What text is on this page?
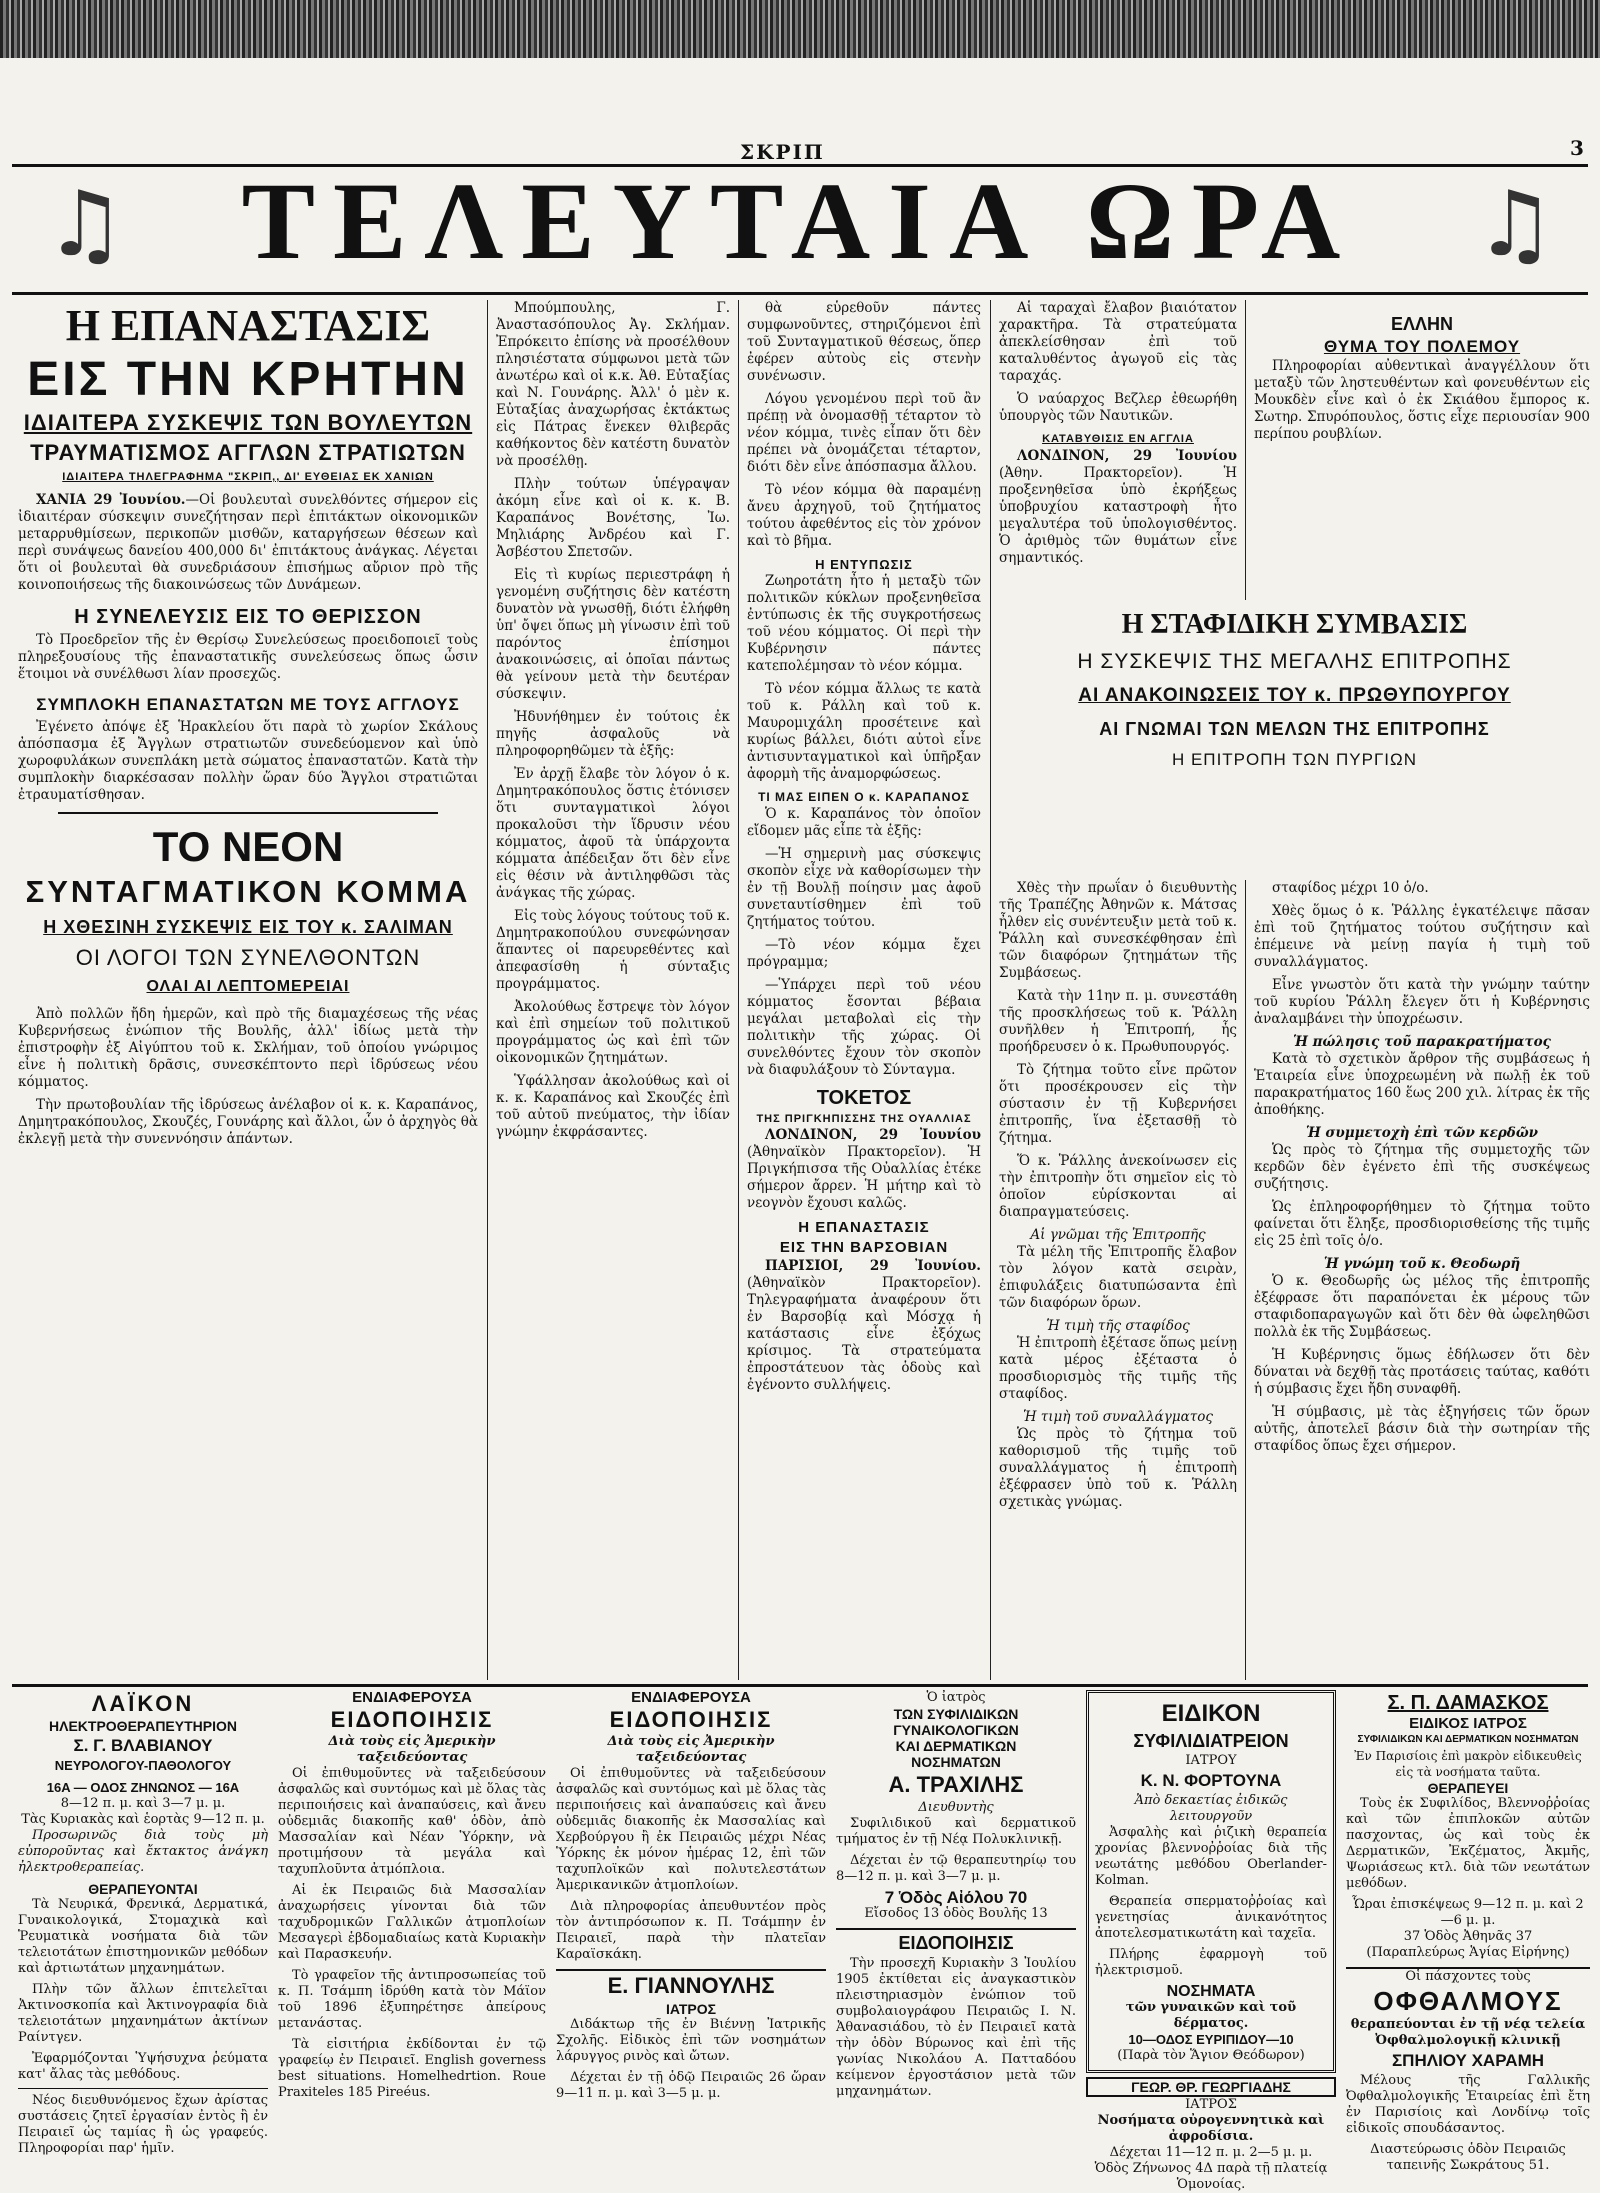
ΣΚΡΙΠ	3
♫	♫
ΤΕΛΕΥΤΑΙΑ ΩΡΑ
Η ΕΠΑΝΑΣΤΑΣΙΣ
ΕΙΣ ΤΗΝ ΚΡΗΤΗΝ
ΙΔΙΑΙΤΕΡΑ ΣΥΣΚΕΨΙΣ ΤΩΝ ΒΟΥΛΕΥΤΩΝ
ΤΡΑΥΜΑΤΙΣΜΟΣ ΑΓΓΛΩΝ ΣΤΡΑΤΙΩΤΩΝ
ΙΔΙΑΙΤΕΡΑ ΤΗΛΕΓΡΑΦΗΜΑ "ΣΚΡΙΠ,, ΔΙ' ΕΥΘΕΙΑΣ ΕΚ ΧΑΝΙΩΝ

ΧΑΝΙΑ 29 Ἰουνίου.—Οἱ βουλευταὶ συνελθόντες σήμερον εἰς ἰδιαιτέραν σύσκεψιν συνεζήτησαν περὶ ἐπιτάκτων οἰκονομικῶν μεταρρυθμίσεων, περικοπῶν μισθῶν, καταργήσεων θέσεων καὶ περὶ συνάψεως δανείου 400,000 δι' ἐπιτάκτους ἀνάγκας. Λέγεται ὅτι οἱ βουλευταὶ θὰ συνεδριάσουν ἐπισήμως αὔριον πρὸ τῆς κοινοποιήσεως τῆς διακοινώσεως τῶν Δυνάμεων.

Η ΣΥΝΕΛΕΥΣΙΣ ΕΙΣ ΤΟ ΘΕΡΙΣΣΟΝ

Τὸ Προεδρεῖον τῆς ἐν Θερίσῳ Συνελεύσεως προειδοποιεῖ τοὺς πληρεξουσίους τῆς ἐπαναστατικῆς συνελεύσεως ὅπως ὦσιν ἕτοιμοι νὰ συνέλθωσι λίαν προσεχῶς.

ΣΥΜΠΛΟΚΗ ΕΠΑΝΑΣΤΑΤΩΝ ΜΕ ΤΟΥΣ ΑΓΓΛΟΥΣ

Ἐγένετο ἀπόψε ἐξ Ἡρακλείου ὅτι παρὰ τὸ χωρίον Σκάλους ἀπόσπασμα ἐξ Ἄγγλων στρατιωτῶν συνεδεύομενον καὶ ὑπὸ χωροφυλάκων συνεπλάκη μετὰ σώματος ἐπαναστατῶν. Κατὰ τὴν συμπλοκὴν διαρκέσασαν πολλὴν ὥραν δύο Ἄγγλοι στρατιῶται ἐτραυματίσθησαν.

ΤΟ ΝΕΟΝ
ΣΥΝΤΑΓΜΑΤΙΚΟΝ ΚΟΜΜΑ
Η ΧΘΕΣΙΝΗ ΣΥΣΚΕΨΙΣ ΕΙΣ ΤΟΥ κ. ΣΑΛΙΜΑΝ
ΟΙ ΛΟΓΟΙ ΤΩΝ ΣΥΝΕΛΘΟΝΤΩΝ
ΟΛΑΙ ΑΙ ΛΕΠΤΟΜΕΡΕΙΑΙ

Ἀπὸ πολλῶν ἤδη ἡμερῶν, καὶ πρὸ τῆς διαμαχέσεως τῆς νέας Κυβερνήσεως ἐνώπιον τῆς Βουλῆς, ἀλλ' ἰδίως μετὰ τὴν ἐπιστροφὴν ἐξ Αἰγύπτου τοῦ κ. Σκλήμαν, τοῦ ὁποίου γνώριμος εἶνε ἡ πολιτικὴ δρᾶσις, συνεσκέπτοντο περὶ ἱδρύσεως νέου κόμματος.

Τὴν πρωτοβουλίαν τῆς ἰδρύσεως ἀνέλαβον οἱ κ. κ. Καραπάνος, Δημητρακόπουλος, Σκουζές, Γουνάρης καὶ ἄλλοι, ὧν ὁ ἀρχηγὸς θὰ ἐκλεγῇ μετὰ τὴν συνεννόησιν ἁπάντων.

Μπούμπουλης, Γ. Ἀναστασόπουλος Ἀγ. Σκλήμαν. Ἐπρόκειτο ἐπίσης νὰ προσέλθουν πλησιέστατα σύμφωνοι μετὰ τῶν ἀνωτέρω καὶ οἱ κ.κ. Ἀθ. Εὐταξίας καὶ Ν. Γουνάρης. Ἀλλ' ὁ μὲν κ. Εὐταξίας ἀναχωρήσας ἐκτάκτως εἰς Πάτρας ἕνεκεν θλιβερᾶς καθήκοντος δὲν κατέστη δυνατὸν νὰ προσέλθῃ.

Πλὴν τούτων ὑπέγραψαν ἀκόμη εἶνε καὶ οἱ κ. κ. Β. Καραπάνος Βονέτσης, Ἰω. Μηλιάρης Ἀνδρέου καὶ Γ. Ἀσβέστου Σπετσῶν.

Εἰς τὶ κυρίως περιεστράφη ἡ γενομένη συζήτησις δὲν κατέστη δυνατὸν νὰ γνωσθῇ, διότι ἐλήφθη ὑπ' ὄψει ὅπως μὴ γίνωσιν ἐπὶ τοῦ παρόντος ἐπίσημοι ἀνακοινώσεις, αἱ ὁποῖαι πάντως θὰ γείνουν μετὰ τὴν δευτέραν σύσκεψιν.

Ἠδυνήθημεν ἐν τούτοις ἐκ πηγῆς ἀσφαλοῦς νὰ πληροφορηθῶμεν τὰ ἑξῆς:

Ἐν ἀρχῇ ἔλαβε τὸν λόγον ὁ κ. Δημητρακόπουλος ὅστις ἐτόνισεν ὅτι συνταγματικοὶ λόγοι προκαλοῦσι τὴν ἵδρυσιν νέου κόμματος, ἀφοῦ τὰ ὑπάρχοντα κόμματα ἀπέδειξαν ὅτι δὲν εἶνε εἰς θέσιν νὰ ἀντιληφθῶσι τὰς ἀνάγκας τῆς χώρας.

Εἰς τοὺς λόγους τούτους τοῦ κ. Δημητρακοπούλου συνεφώνησαν ἅπαντες οἱ παρευρεθέντες καὶ ἀπεφασίσθη ἡ σύνταξις προγράμματος.

Ἀκολούθως ἔστρεψε τὸν λόγον καὶ ἐπὶ σημείων τοῦ πολιτικοῦ προγράμματος ὡς καὶ ἐπὶ τῶν οἰκονομικῶν ζητημάτων.

Ὑφάλλησαν ἀκολούθως καὶ οἱ κ. κ. Καραπάνος καὶ Σκουζές ἐπὶ τοῦ αὐτοῦ πνεύματος, τὴν ἰδίαν γνώμην ἐκφράσαντες.

θὰ εὑρεθοῦν πάντες συμφωνοῦντες, στηριζόμενοι ἐπὶ τοῦ Συνταγματικοῦ θέσεως, ὅπερ ἐφέρεν αὐτοὺς εἰς στενὴν συνένωσιν.

Λόγου γενομένου περὶ τοῦ ἂν πρέπῃ νὰ ὀνομασθῇ τέταρτον τὸ νέον κόμμα, τινὲς εἶπαν ὅτι δὲν πρέπει νὰ ὀνομάζεται τέταρτον, διότι δὲν εἶνε ἀπόσπασμα ἄλλου.

Τὸ νέον κόμμα θὰ παραμένῃ ἄνευ ἀρχηγοῦ, τοῦ ζητήματος τούτου ἀφεθέντος εἰς τὸν χρόνον καὶ τὸ βῆμα.

Η ΕΝΤΥΠΩΣΙΣ

Ζωηροτάτη ἦτο ἡ μεταξὺ τῶν πολιτικῶν κύκλων προξενηθεῖσα ἐντύπωσις ἐκ τῆς συγκροτήσεως τοῦ νέου κόμματος. Οἱ περὶ τὴν Κυβέρνησιν πάντες κατεπολέμησαν τὸ νέον κόμμα.

Τὸ νέον κόμμα ἄλλως τε κατὰ τοῦ κ. Ράλλη καὶ τοῦ κ. Μαυρομιχάλη προσέτεινε καὶ κυρίως βάλλει, διότι αὐτοὶ εἶνε ἀντισυνταγματικοὶ καὶ ὑπῆρξαν ἀφορμὴ τῆς ἀναμορφώσεως.

ΤΙ ΜΑΣ ΕΙΠΕΝ Ο κ. ΚΑΡΑΠΑΝΟΣ

Ὁ κ. Καραπάνος τὸν ὁποῖον εἴδομεν μᾶς εἶπε τὰ ἑξῆς:

—Ἡ σημερινὴ μας σύσκεψις σκοπὸν εἶχε νὰ καθορίσωμεν τὴν ἐν τῇ Βουλῇ ποίησιν μας ἀφοῦ συνεταυτίσθημεν ἐπὶ τοῦ ζητήματος τούτου.

—Τὸ νέον κόμμα ἔχει πρόγραμμα;

—Ὑπάρχει περὶ τοῦ νέου κόμματος ἔσονται βέβαια μεγάλαι μεταβολαὶ εἰς τὴν πολιτικὴν τῆς χώρας. Οἱ συνελθόντες ἔχουν τὸν σκοπὸν νὰ διαφυλάξουν τὸ Σύνταγμα.

ΤΟΚΕΤΟΣ
ΤΗΣ ΠΡΙΓΚΗΠΙΣΣΗΣ ΤΗΣ ΟΥΑΛΛΙΑΣ

ΛΟΝΔΙΝΟΝ, 29 Ἰουνίου (Ἀθηναϊκὸν Πρακτορεῖον). Ἡ Πριγκήπισσα τῆς Οὐαλλίας ἐτέκε σήμερον ἄρρεν. Ἡ μήτηρ καὶ τὸ νεογνὸν ἔχουσι καλῶς.

Η ΕΠΑΝΑΣΤΑΣΙΣ
ΕΙΣ ΤΗΝ ΒΑΡΣΟΒΙΑΝ

ΠΑΡΙΣΙΟΙ, 29 Ἰουνίου. (Ἀθηναϊκὸν Πρακτορεῖον). Τηλεγραφήματα ἀναφέρουν ὅτι ἐν Βαρσοβίᾳ καὶ Μόσχᾳ ἡ κατάστασις εἶνε ἐξόχως κρίσιμος. Τὰ στρατεύματα ἐπροστάτευον τὰς ὁδοὺς καὶ ἐγένοντο συλλήψεις.

Αἱ ταραχαὶ ἔλαβον βιαιότατον χαρακτῆρα. Τὰ στρατεύματα ἀπεκλείσθησαν ἐπὶ τοῦ καταλυθέντος ἀγωγοῦ εἰς τὰς ταραχάς.

Ὁ ναύαρχος Βεζλερ ἐθεωρήθη ὑπουργὸς τῶν Ναυτικῶν.

ΚΑΤΑΒΥΘΙΣΙΣ ΕΝ ΑΓΓΛΙΑ

ΛΟΝΔΙΝΟΝ, 29 Ἰουνίου (Ἀθην. Πρακτορεῖον). Ἡ προξενηθεῖσα ὑπὸ ἐκρήξεως ὑποβρυχίου καταστροφὴ ἦτο μεγαλυτέρα τοῦ ὑπολογισθέντος. Ὁ ἀριθμὸς τῶν θυμάτων εἶνε σημαντικός.

ΕΛΛΗΝ
ΘΥΜΑ ΤΟΥ ΠΟΛΕΜΟΥ

Πληροφορίαι αὐθεντικαὶ ἀναγγέλλουν ὅτι μεταξὺ τῶν ληστευθέντων καὶ φονευθέντων εἰς Μουκδὲν εἶνε καὶ ὁ ἐκ Σκιάθου ἔμπορος κ. Σωτηρ. Σπυρόπουλος, ὅστις εἶχε περιουσίαν 900 περίπου ρουβλίων.

Η ΣΤΑΦΙΔΙΚΗ ΣΥΜΒΑΣΙΣ
Η ΣΥΣΚΕΨΙΣ ΤΗΣ ΜΕΓΑΛΗΣ ΕΠΙΤΡΟΠΗΣ
ΑΙ ΑΝΑΚΟΙΝΩΣΕΙΣ ΤΟΥ κ. ΠΡΩΘΥΠΟΥΡΓΟΥ
ΑΙ ΓΝΩΜΑΙ ΤΩΝ ΜΕΛΩΝ ΤΗΣ ΕΠΙΤΡΟΠΗΣ
Η ΕΠΙΤΡΟΠΗ ΤΩΝ ΠΥΡΓΙΩΝ

Χθὲς τὴν πρωΐαν ὁ διευθυντὴς τῆς Τραπέζης Ἀθηνῶν κ. Μάτσας ἦλθεν εἰς συνέντευξιν μετὰ τοῦ κ. Ῥάλλη καὶ συνεσκέφθησαν ἐπὶ τῶν διαφόρων ζητημάτων τῆς Συμβάσεως.

Κατὰ τὴν 11ην π. μ. συνεστάθη τῆς προσκλήσεως τοῦ κ. Ῥάλλη συνῆλθεν ἡ Ἐπιτροπή, ἧς προήδρευσεν ὁ κ. Πρωθυπουργός.

Τὸ ζήτημα τοῦτο εἶνε πρῶτον ὅτι προσέκρουσεν εἰς τὴν σύστασιν ἐν τῇ Κυβερνήσει ἐπιτροπῆς, ἵνα ἐξετασθῇ τὸ ζήτημα.

Ὅ κ. Ῥάλλης ἀνεκοίνωσεν εἰς τὴν ἐπιτροπὴν ὅτι σημεῖον εἰς τὸ ὁποῖον εὑρίσκονται αἱ διαπραγματεύσεις.

Αἱ γνῶμαι τῆς Ἐπιτροπῆς

Τὰ μέλη τῆς Ἐπιτροπῆς ἔλαβον τὸν λόγον κατὰ σειρὰν, ἐπιφυλάξεις διατυπώσαντα ἐπὶ τῶν διαφόρων ὅρων.

Ἡ τιμὴ τῆς σταφίδος

Ἡ ἐπιτροπὴ ἐξέτασε ὅπως μείνῃ κατὰ μέρος ἐξέταστα ὁ προσδιορισμὸς τῆς τιμῆς τῆς σταφίδος.

Ἡ τιμὴ τοῦ συναλλάγματος

Ὡς πρὸς τὸ ζήτημα τοῦ καθορισμοῦ τῆς τιμῆς τοῦ συναλλάγματος ἡ ἐπιτροπὴ ἐξέφρασεν ὑπὸ τοῦ κ. Ῥάλλη σχετικὰς γνώμας.

σταφίδος μέχρι 10 ὁ/ο.

Χθὲς ὅμως ὁ κ. Ῥάλλης ἐγκατέλειψε πᾶσαν ἐπὶ τοῦ ζητήματος τούτου συζήτησιν καὶ ἐπέμεινε νὰ μείνῃ παγία ἡ τιμὴ τοῦ συναλλάγματος.

Εἶνε γνωστὸν ὅτι κατὰ τὴν γνώμην ταύτην τοῦ κυρίου Ῥάλλη ἔλεγεν ὅτι ἡ Κυβέρνησις ἀναλαμβάνει τὴν ὑποχρέωσιν.

Ἡ πώλησις τοῦ παρακρατήματος

Κατὰ τὸ σχετικὸν ἄρθρον τῆς συμβάσεως ἡ Ἑταιρεία εἶνε ὑποχρεωμένη νὰ πωλῇ ἐκ τοῦ παρακρατήματος 160 ἕως 200 χιλ. λίτρας ἐκ τῆς ἀποθήκης.

Ἡ συμμετοχὴ ἐπὶ τῶν κερδῶν

Ὡς πρὸς τὸ ζήτημα τῆς συμμετοχῆς τῶν κερδῶν δὲν ἐγένετο ἐπὶ τῆς συσκέψεως συζήτησις.

Ὡς ἐπληροφορήθημεν τὸ ζήτημα τοῦτο φαίνεται ὅτι ἔληξε, προσδιορισθείσης τῆς τιμῆς εἰς 25 ἐπὶ τοῖς ὁ/ο.

Ἡ γνώμη τοῦ κ. Θεοδωρῆ

Ὁ κ. Θεοδωρῆς ὡς μέλος τῆς ἐπιτροπῆς ἐξέφρασε ὅτι παραπόνεται ἐκ μέρους τῶν σταφιδοπαραγωγῶν καὶ ὅτι δὲν θὰ ὠφεληθῶσι πολλὰ ἐκ τῆς Συμβάσεως.

Ἡ Κυβέρνησις ὅμως ἐδήλωσεν ὅτι δὲν δύναται νὰ δεχθῇ τὰς προτάσεις ταύτας, καθότι ἡ σύμβασις ἔχει ἤδη συναφθῆ.

Ἡ σύμβασις, μὲ τὰς ἐξηγήσεις τῶν ὅρων αὐτῆς, ἀποτελεῖ βάσιν διὰ τὴν σωτηρίαν τῆς σταφίδος ὅπως ἔχει σήμερον.

ΛΑΪΚΟΝ
ΗΛΕΚΤΡΟΘΕΡΑΠΕΥΤΗΡΙΟΝ
Σ. Γ. ΒΛΑΒΙΑΝΟΥ
ΝΕΥΡΟΛΟΓΟΥ-ΠΑΘΟΛΟΓΟΥ
16A — ΟΔΟΣ ΖΗΝΩΝΟΣ — 16A
8—12 π. μ. καὶ 3—7 μ. μ.
Τὰς Κυριακὰς καὶ ἑορτὰς 9—12 π. μ.

Προσωρινῶς διὰ τοὺς μὴ εὐπορoῦντας καὶ ἔκτακτος ἀνάγκη ἠλεκτροθεραπείας.

ΘΕΡΑΠΕΥΟΝΤΑΙ

Τὰ Νευρικά, Φρενικά, Δερματικά, Γυναικολογικά, Στομαχικὰ καὶ Ῥευματικὰ νοσήματα διὰ τῶν τελειοτάτων ἐπιστημονικῶν μεθόδων καὶ ἀρτιωτάτων μηχανημάτων.

Πλὴν τῶν ἄλλων ἐπιτελεῖται Ἀκτινοσκοπία καὶ Ἀκτινογραφία διὰ τελειοτάτων μηχανημάτων ἀκτίνων Ραίντγεν.

Ἐφαρμόζονται Ὑψήσυχνα ῥεύματα κατ' ἄλας τὰς μεθόδους.

Νέος διευθυνόμενος ἔχων ἀρίστας συστάσεις ζητεῖ ἐργασίαν ἐντὸς ἢ ἐν Πειραιεῖ ὡς ταμίας ἢ ὡς γραφεύς. Πληροφορίαι παρ' ἡμῖν.

ΕΝΔΙΑΦΕΡΟΥΣΑ
ΕΙΔΟΠΟΙΗΣΙΣ
Διὰ τοὺς εἰς Ἀμερικὴν ταξειδεύοντας

Οἱ ἐπιθυμοῦντες νὰ ταξειδεύσουν ἀσφαλῶς καὶ συντόμως καὶ μὲ ὅλας τὰς περιποιήσεις καὶ ἀναπαύσεις, καὶ ἄνευ οὐδεμιᾶς διακοπῆς καθ' ὁδὸν, ἀπὸ Μασσαλίαν καὶ Νέαν Ὑόρκην, νὰ προτιμήσουν τὰ μεγάλα καὶ ταχυπλοῦντα ἀτμόπλοια.

Αἱ ἐκ Πειραιῶς διὰ Μασσαλίαν ἀναχωρήσεις γίνονται διὰ τῶν ταχυδρομικῶν Γαλλικῶν ἀτμοπλοίων Μεσαγερὶ ἑβδομαδιαίως κατὰ Κυριακὴν καὶ Παρασκευήν.

Τὸ γραφεῖον τῆς ἀντιπροσωπείας τοῦ κ. Π. Τσάμπη ἱδρύθη κατὰ τὸν Μάϊον τοῦ 1896 ἐξυπηρέτησε ἀπείρους μετανάστας.

Τὰ εἰσιτήρια ἐκδίδονται ἐν τῷ γραφείῳ ἐν Πειραιεῖ. English governess best situations. Homelhedrtion. Roue Praxiteles 185 Pireéus.

ΕΝΔΙΑΦΕΡΟΥΣΑ
ΕΙΔΟΠΟΙΗΣΙΣ
Διὰ τοὺς εἰς Ἀμερικὴν ταξειδεύοντας

Οἱ ἐπιθυμοῦντες νὰ ταξειδεύσουν ἀσφαλῶς καὶ συντόμως καὶ μὲ ὅλας τὰς περιποιήσεις καὶ ἀναπαύσεις καὶ ἄνευ οὐδεμιᾶς διακοπῆς ἐκ Μασσαλίας καὶ Χερβούργου ἢ ἐκ Πειραιῶς μέχρι Νέας Ὑόρκης ἐκ μόνον ἡμέρας 12, ἐπὶ τῶν ταχυπλοϊκῶν καὶ πολυτελεστάτων Ἀμερικανικῶν ἀτμοπλοίων.

Διὰ πληροφορίας ἀπευθυντέον πρὸς τὸν ἀντιπρόσωπον κ. Π. Τσάμπην ἐν Πειραιεῖ, παρὰ τὴν πλατεῖαν Καραϊσκάκη.

Ε. ΓΙΑΝΝΟΥΛΗΣ
ΙΑΤΡΟΣ

Διδάκτωρ τῆς ἐν Βιέννῃ Ἰατρικῆς Σχολῆς. Εἰδικὸς ἐπὶ τῶν νοσημάτων λάρυγγος ρινὸς καὶ ὤτων.

Δέχεται ἐν τῇ ὁδῷ Πειραιῶς 26 ὥραν 9—11 π. μ. καὶ 3—5 μ. μ.

Ὁ ἰατρὸς
ΤΩΝ ΣΥΦΙΛΙΔΙΚΩΝ
ΓΥΝΑΙΚΟΛΟΓΙΚΩΝ
ΚΑΙ ΔΕΡΜΑΤΙΚΩΝ
ΝΟΣΗΜΑΤΩΝ
Α. ΤΡΑΧΙΛΗΣ
Διευθυντὴς

Συφιλιδικοῦ καὶ δερματικοῦ τμήματος ἐν τῇ Νέᾳ Πολυκλινικῇ.

Δέχεται ἐν τῷ θεραπευτηρίῳ του 8—12 π. μ. καὶ 3—7 μ. μ.

7 Ὁδὸς Αἰόλου 70
Εἴσοδος 13 ὁδὸς Βουλῆς 13
ΕΙΔΟΠΟΙΗΣΙΣ

Τὴν προσεχῆ Κυριακὴν 3 Ἰουλίου 1905 ἐκτίθεται εἰς ἀναγκαστικὸν πλειστηριασμὸν ἐνώπιον τοῦ συμβολαιογράφου Πειραιῶς Ι. Ν. Ἀθανασιάδου, τὸ ἐν Πειραιεῖ κατὰ τὴν ὁδὸν Βύρωνος καὶ ἐπὶ τῆς γωνίας Νικολάου Α. Πατταδόου κείμενον ἐργοστάσιον μετὰ τῶν μηχανημάτων.

ΕΙΔΙΚΟΝ
ΣΥΦΙΛΙΔΙΑΤΡΕΙΟΝ
ΙΑΤΡΟΥ
Κ. Ν. ΦΟΡΤΟΥΝΑ
Ἀπὸ δεκαετίας ἐιδικῶς λειτουργοῦν

Ἀσφαλὴς καὶ ῥιζικὴ θεραπεία χρονίας βλεννοῤῥοίας διὰ τῆς νεωτάτης μεθόδου Oberlander-Kolman.

Θεραπεία σπερματοῤῥοίας καὶ γενετησίας ἀνικανότητος ἀποτελεσματικωτάτη καὶ ταχεῖα.

Πλήρης ἐφαρμογὴ τοῦ ἠλεκτρισμοῦ.

ΝΟΣΗΜΑΤΑ
τῶν γυναικῶν καὶ τοῦ δέρματος.
10—ΟΔΟΣ ΕΥΡΙΠΙΔΟΥ—10
(Παρὰ τὸν Ἅγιον Θεόδωρον)
ΓΕΩΡ. ΘΡ. ΓΕΩΡΓΙΑΔΗΣ
ΙΑΤΡΟΣ
Νοσήματα οὐρογεννητικὰ καὶ ἀφροδίσια.
Δέχεται 11—12 π. μ. 2—5 μ. μ.
Ὁδὸς Ζήνωνος 4Δ παρὰ τῇ πλατείᾳ Ὁμονοίας.
Σ. Π. ΔΑΜΑΣΚΟΣ
ΕΙΔΙΚΟΣ ΙΑΤΡΟΣ
ΣΥΦΙΛΙΔΙΚΩΝ ΚΑΙ ΔΕΡΜΑΤΙΚΩΝ ΝΟΣΗΜΑΤΩΝ
Ἐν Παρισίοις ἐπὶ μακρὸν εἰδικευθεὶς εἰς τὰ νοσήματα ταῦτα.
ΘΕΡΑΠΕΥΕΙ

Τοὺς ἐκ Συφιλίδος, Βλεννοῤῥοίας καὶ τῶν ἐπιπλοκῶν αὐτῶν πασχοντας, ὡς καὶ τοὺς ἐκ Δερματικῶν, Ἐκζέματος, Ἀκμῆς, Ψωριάσεως κτλ. διὰ τῶν νεωτάτων μεθόδων.

Ὧραι ἐπισκέψεως 9—12 π. μ. καὶ 2—6 μ. μ.
37 Ὁδὸς Ἀθηνᾶς 37
(Παραπλεύρως Ἁγίας Εἰρήνης)
Οἱ πάσχοντες τοὺς
ΟΦΘΑΛΜΟΥΣ
θεραπεύονται ἐν τῇ νέᾳ τελεία Ὀφθαλμολογικῇ κλινικῇ
ΣΠΗΛΙΟΥ ΧΑΡΑΜΗ

Μέλους τῆς Γαλλικῆς Ὀφθαλμολογικῆς Ἑταιρείας ἐπὶ ἔτη ἐν Παρισίοις καὶ Λονδίνῳ τοῖς εἰδικοῖς σπουδάσαντος.

Διαστεύρωσις ὁδὸν Πειραιῶς ταπεινῆς Σωκράτους 51.
